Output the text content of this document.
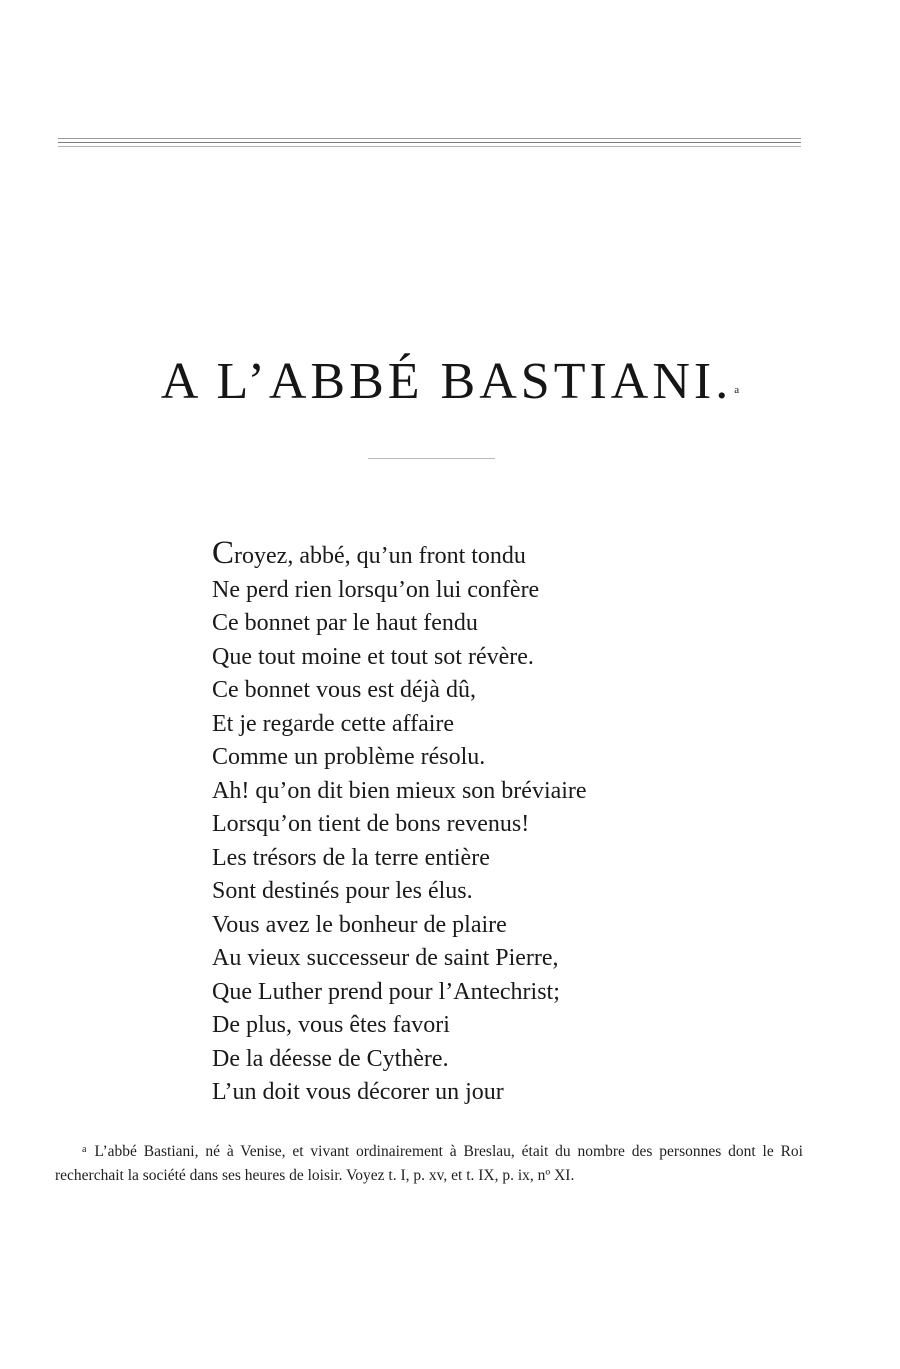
A L’ABBÉ BASTIANI. $^a$
Croyez, abbé, qu’un front tondu
Ne perd rien lorsqu’on lui confère
Ce bonnet par le haut fendu
Que tout moine et tout sot révère.
Ce bonnet vous est déjà dû,
Et je regarde cette affaire
Comme un problème résolu.
Ah! qu’on dit bien mieux son bréviaire
Lorsqu’on tient de bons revenus!
Les trésors de la terre entière
Sont destinés pour les élus.
Vous avez le bonheur de plaire
Au vieux successeur de saint Pierre,
Que Luther prend pour l’Antechrist;
De plus, vous êtes favori
De la déesse de Cythère.
L’un doit vous décorer un jour
$^a$ L’abbé Bastiani, né à Venise, et vivant ordinairement à Breslau, était du nombre des personnes dont le Roi recherchait la société dans ses heures de loisir. Voyez t. I, p. xv, et t. IX, p. ix, nº XI.
